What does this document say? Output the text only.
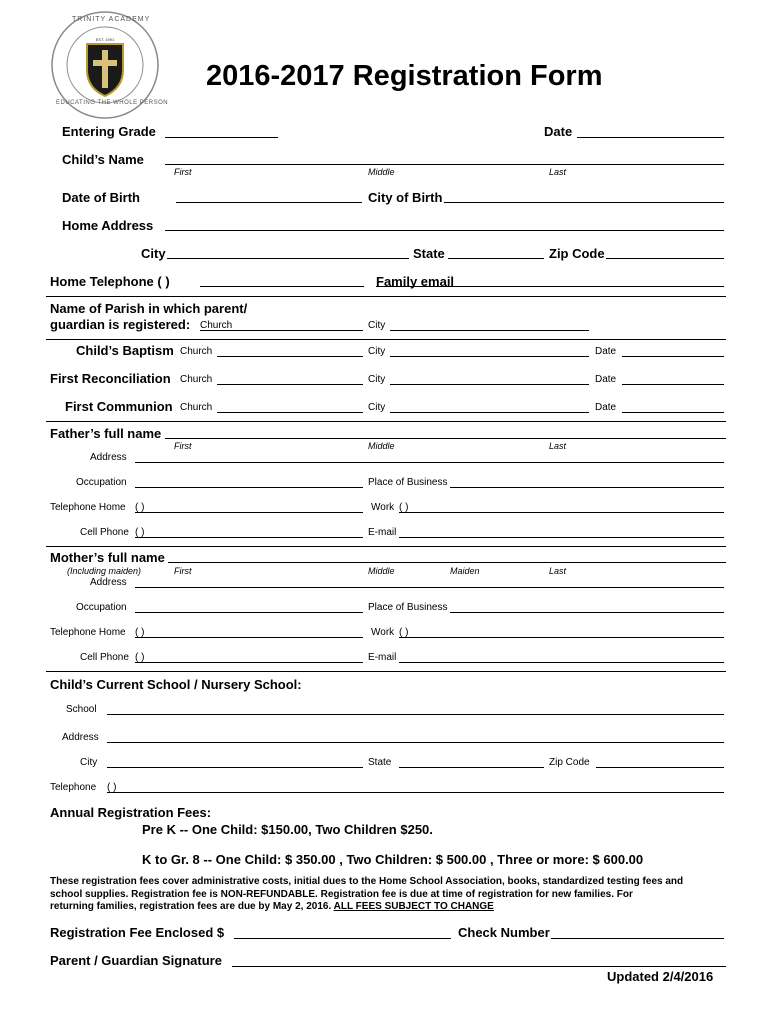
EST. 1991
TRINITY ACADEMY
EDUCATING THE WHOLE PERSON
2016-2017 Registration Form
Entering Grade	Date
Child’s Name
First	Middle	Last
Date of Birth	City of Birth
Home Address
City	State	Zip Code
Home Telephone ( )	Family email
Name of Parish in which parent/
guardian is registered: Church	City
Child’s Baptism Church	City	Date
First Reconciliation Church	City	Date
First Communion Church	City	Date
Father’s full name
First	Middle	Last
Address
Occupation	Place of Business
Telephone Home ( )	Work ( )
Cell Phone ( )	E-mail
Mother’s full name
(Including maiden)	First	Middle	Maiden	Last
Address
Occupation	Place of Business
Telephone Home ( )	Work ( )
Cell Phone ( )	E-mail
Child’s Current School / Nursery School:
School
Address
City	State	Zip Code
Telephone ( )
Annual Registration Fees:
Pre K -- One Child: $150.00, Two Children $250.
K to Gr. 8 -- One Child: $ 350.00 , Two Children: $ 500.00 , Three or more: $ 600.00
These registration fees cover administrative costs, initial dues to the Home School Association, books, standardized testing fees and
school supplies. Registration fee is NON-REFUNDABLE. Registration fee is due at time of registration for new families. For
returning families, registration fees are due by May 2, 2016. ALL FEES SUBJECT TO CHANGE
Registration Fee Enclosed $	Check Number
Parent / Guardian Signature
Updated 2/4/2016
